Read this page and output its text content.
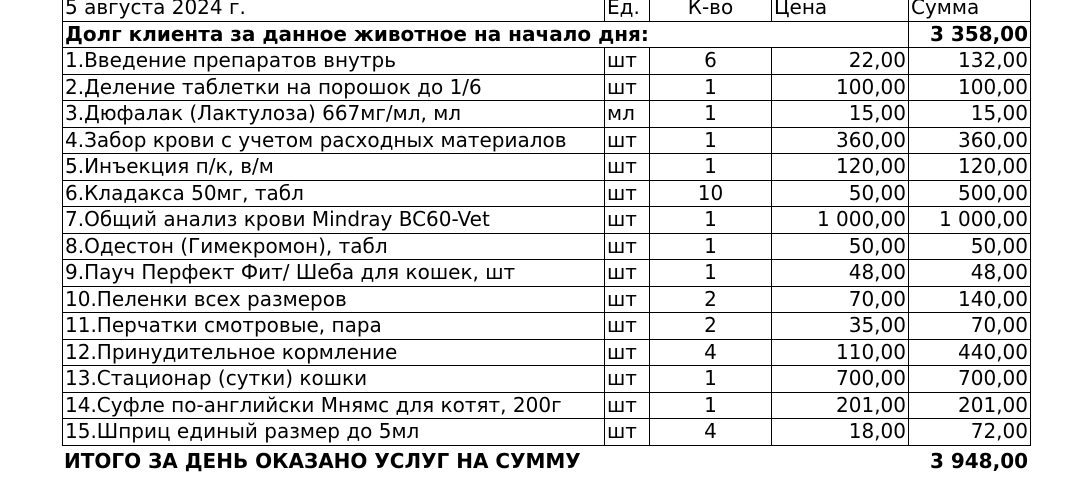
5 августа 2024 г.	Ед.	К-во	Цена	Сумма
Долг клиента за данное животное на начало дня:				3 358,00
1.Введение препаратов внутрь	шт	6	22,00	132,00
2.Деление таблетки на порошок до 1/6	шт	1	100,00	100,00
3.Дюфалак (Лактулоза) 667мг/мл, мл	мл	1	15,00	15,00
4.Забор крови с учетом расходных материалов	шт	1	360,00	360,00
5.Инъекция п/к, в/м	шт	1	120,00	120,00
6.Кладакса 50мг, табл	шт	10	50,00	500,00
7.Общий анализ крови Mindray BC60-Vet	шт	1	1 000,00	1 000,00
8.Одестон (Гимекромон), табл	шт	1	50,00	50,00
9.Пауч Перфект Фит/ Шеба для кошек, шт	шт	1	48,00	48,00
10.Пеленки всех размеров	шт	2	70,00	140,00
11.Перчатки смотровые, пара	шт	2	35,00	70,00
12.Принудительное кормление	шт	4	110,00	440,00
13.Стационар (сутки) кошки	шт	1	700,00	700,00
14.Суфле по-английски Мнямс для котят, 200г	шт	1	201,00	201,00
15.Шприц единый размер до 5мл	шт	4	18,00	72,00
ИТОГО ЗА ДЕНЬ ОКАЗАНО УСЛУГ НА СУММУ	3 948,00
